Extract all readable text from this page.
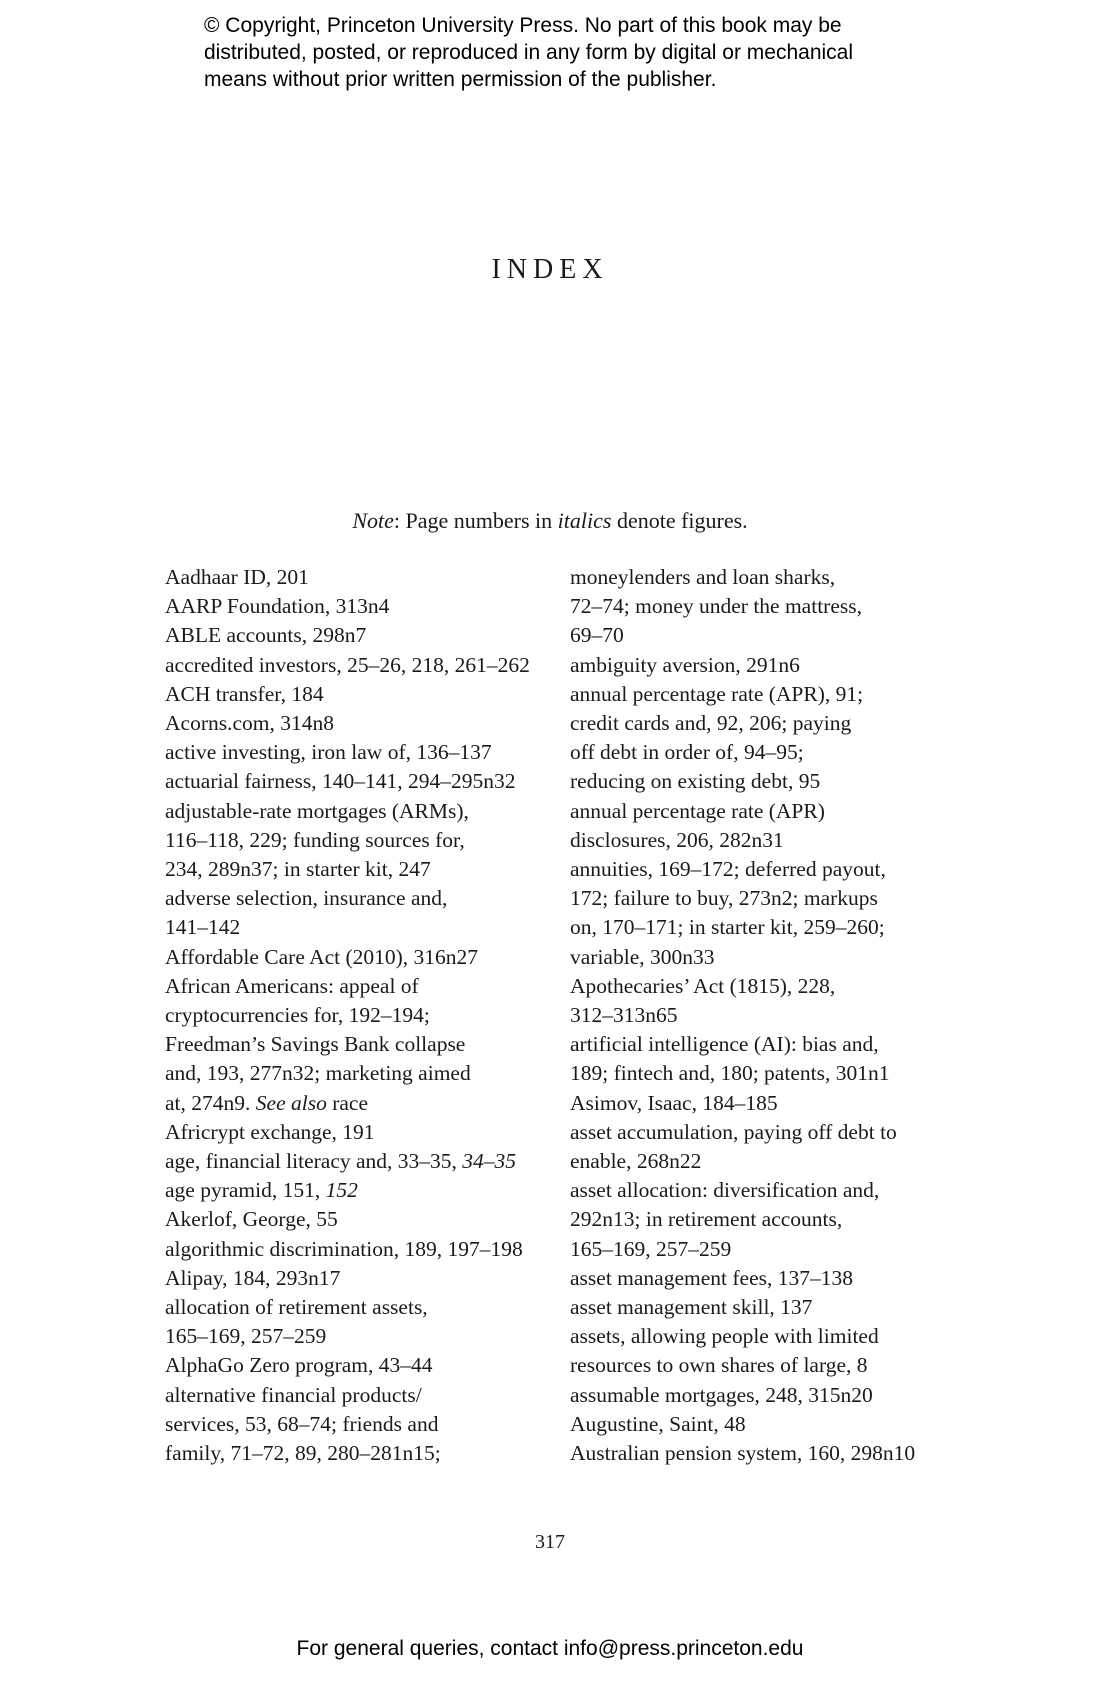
© Copyright, Princeton University Press. No part of this book may be
distributed, posted, or reproduced in any form by digital or mechanical
means without prior written permission of the publisher.
INDEX
Note: Page numbers in italics denote figures.
Aadhaar ID, 201
AARP Foundation, 313n4
ABLE accounts, 298n7
accredited investors, 25–26, 218, 261–262
ACH transfer, 184
Acorns.com, 314n8
active investing, iron law of, 136–137
actuarial fairness, 140–141, 294–295n32
adjustable-rate mortgages (ARMs),
116–118, 229; funding sources for,
234, 289n37; in starter kit, 247
adverse selection, insurance and,
141–142
Affordable Care Act (2010), 316n27
African Americans: appeal of
cryptocurrencies for, 192–194;
Freedman’s Savings Bank collapse
and, 193, 277n32; marketing aimed
at, 274n9. See also race
Africrypt exchange, 191
age, financial literacy and, 33–35, 34–35
age pyramid, 151, 152
Akerlof, George, 55
algorithmic discrimination, 189, 197–198
Alipay, 184, 293n17
allocation of retirement assets,
165–169, 257–259
AlphaGo Zero program, 43–44
alternative financial products/
services, 53, 68–74; friends and
family, 71–72, 89, 280–281n15;
moneylenders and loan sharks,
72–74; money under the mattress,
69–70
ambiguity aversion, 291n6
annual percentage rate (APR), 91;
credit cards and, 92, 206; paying
off debt in order of, 94–95;
reducing on existing debt, 95
annual percentage rate (APR)
disclosures, 206, 282n31
annuities, 169–172; deferred payout,
172; failure to buy, 273n2; markups
on, 170–171; in starter kit, 259–260;
variable, 300n33
Apothecaries’ Act (1815), 228,
312–313n65
artificial intelligence (AI): bias and,
189; fintech and, 180; patents, 301n1
Asimov, Isaac, 184–185
asset accumulation, paying off debt to
enable, 268n22
asset allocation: diversification and,
292n13; in retirement accounts,
165–169, 257–259
asset management fees, 137–138
asset management skill, 137
assets, allowing people with limited
resources to own shares of large, 8
assumable mortgages, 248, 315n20
Augustine, Saint, 48
Australian pension system, 160, 298n10
317
For general queries, contact info@press.princeton.edu
